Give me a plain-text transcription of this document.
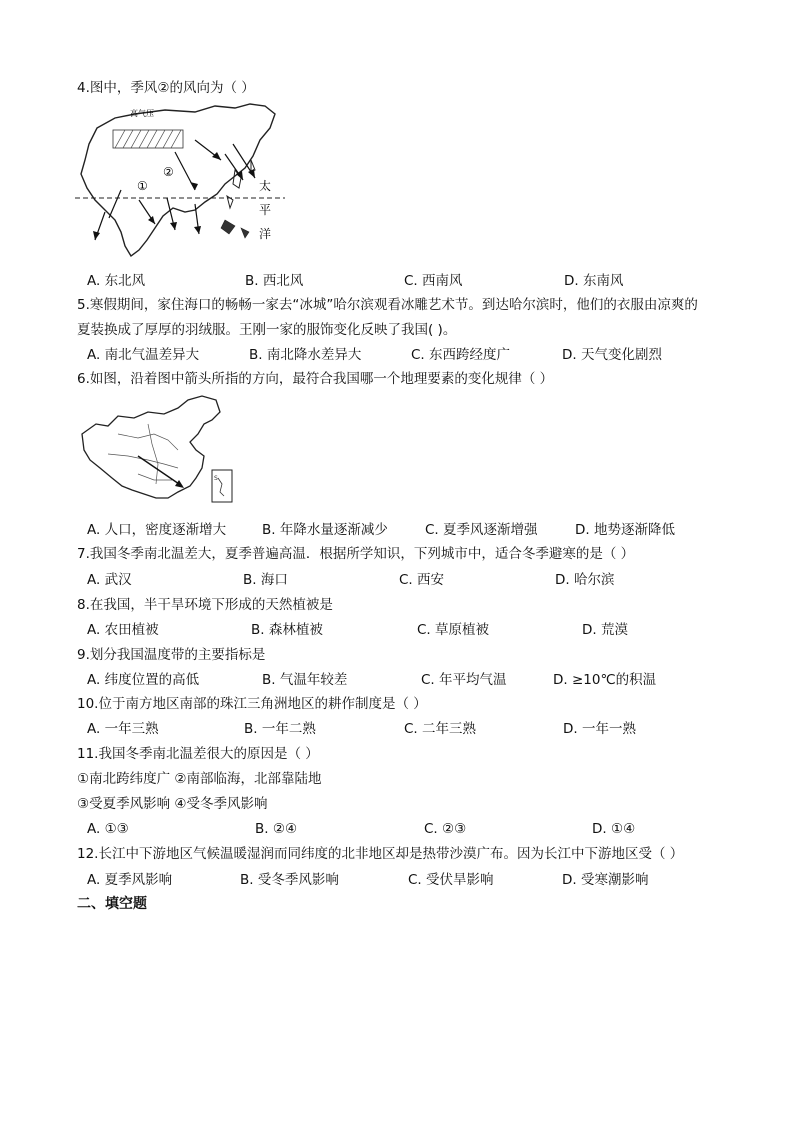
4.图中，季风②的风向为（ ）
高气压
①
②
太
平
洋
A. 东北风	B. 西北风	C. 西南风	D. 东南风
5.寒假期间，家住海口的畅畅一家去“冰城”哈尔滨观看冰雕艺术节。到达哈尔滨时，他们的衣服由凉爽的
夏装换成了厚厚的羽绒服。王刚一家的服饰变化反映了我国( )。
A. 南北气温差异大	B. 南北降水差异大	C. 东西跨经度广	D. 天气变化剧烈
6.如图，沿着图中箭头所指的方向，最符合我国哪一个地理要素的变化规律（ ）
S
A. 人口，密度逐渐增大	B. 年降水量逐渐减少	C. 夏季风逐渐增强	D. 地势逐渐降低
7.我国冬季南北温差大，夏季普遍高温．根据所学知识，下列城市中，适合冬季避寒的是（ ）
A. 武汉	B. 海口	C. 西安	D. 哈尔滨
8.在我国，半干旱环境下形成的天然植被是
A. 农田植被	B. 森林植被	C. 草原植被	D. 荒漠
9.划分我国温度带的主要指标是
A. 纬度位置的高低	B. 气温年较差	C. 年平均气温	D. ≥10℃的积温
10.位于南方地区南部的珠江三角洲地区的耕作制度是（ ）
A. 一年三熟	B. 一年二熟	C. 二年三熟	D. 一年一熟
11.我国冬季南北温差很大的原因是（ ）
①南北跨纬度广 ②南部临海，北部靠陆地
③受夏季风影响 ④受冬季风影响
A. ①③	B. ②④	C. ②③	D. ①④
12.长江中下游地区气候温暖湿润而同纬度的北非地区却是热带沙漠广布。因为长江中下游地区受（ ）
A. 夏季风影响	B. 受冬季风影响	C. 受伏旱影响	D. 受寒潮影响
二、填空题
